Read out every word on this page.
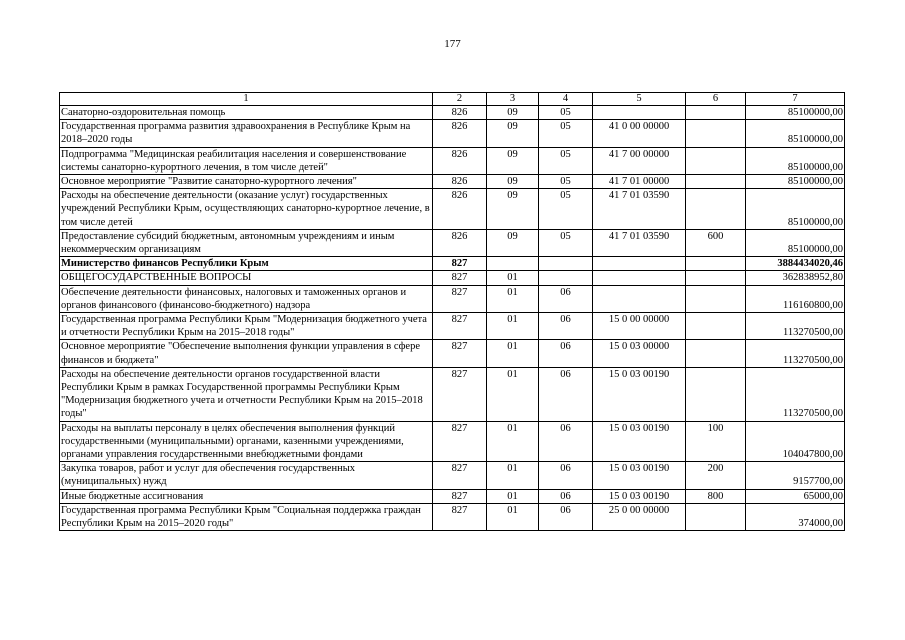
177
1	2	3	4	5	6	7
Санаторно-оздоровительная помощь	826	09	05			85100000,00
Государственная программа развития здравоохранения в Республике Крым на 2018–2020 годы	826	09	05	41 0 00 00000		85100000,00
Подпрограмма "Медицинская реабилитация населения и совершенствование системы санаторно-курортного лечения, в том числе детей"	826	09	05	41 7 00 00000		85100000,00
Основное мероприятие "Развитие санаторно-курортного лечения"	826	09	05	41 7 01 00000		85100000,00
Расходы на обеспечение деятельности (оказание услуг) государственных учреждений Республики Крым, осуществляющих санаторно-курортное лечение, в том числе детей	826	09	05	41 7 01 03590		85100000,00
Предоставление субсидий бюджетным, автономным учреждениям и иным некоммерческим организациям	826	09	05	41 7 01 03590	600	85100000,00
Министерство финансов Республики Крым	827					3884434020,46
ОБЩЕГОСУДАРСТВЕННЫЕ ВОПРОСЫ	827	01				362838952,80
Обеспечение деятельности финансовых, налоговых и таможенных органов и органов финансового (финансово-бюджетного) надзора	827	01	06			116160800,00
Государственная программа Республики Крым "Модернизация бюджетного учета и отчетности Республики Крым на 2015–2018 годы"	827	01	06	15 0 00 00000		113270500,00
Основное мероприятие "Обеспечение выполнения функции управления в сфере финансов и бюджета"	827	01	06	15 0 03 00000		113270500,00
Расходы на обеспечение деятельности органов государственной власти Республики Крым в рамках Государственной программы Республики Крым "Модернизация бюджетного учета и отчетности Республики Крым на 2015–2018 годы"	827	01	06	15 0 03 00190		113270500,00
Расходы на выплаты персоналу в целях обеспечения выполнения функций государственными (муниципальными) органами, казенными учреждениями, органами управления государственными внебюджетными фондами	827	01	06	15 0 03 00190	100	104047800,00
Закупка товаров, работ и услуг для обеспечения государственных (муниципальных) нужд	827	01	06	15 0 03 00190	200	9157700,00
Иные бюджетные ассигнования	827	01	06	15 0 03 00190	800	65000,00
Государственная программа Республики Крым "Социальная поддержка граждан Республики Крым на 2015–2020 годы"	827	01	06	25 0 00 00000		374000,00
